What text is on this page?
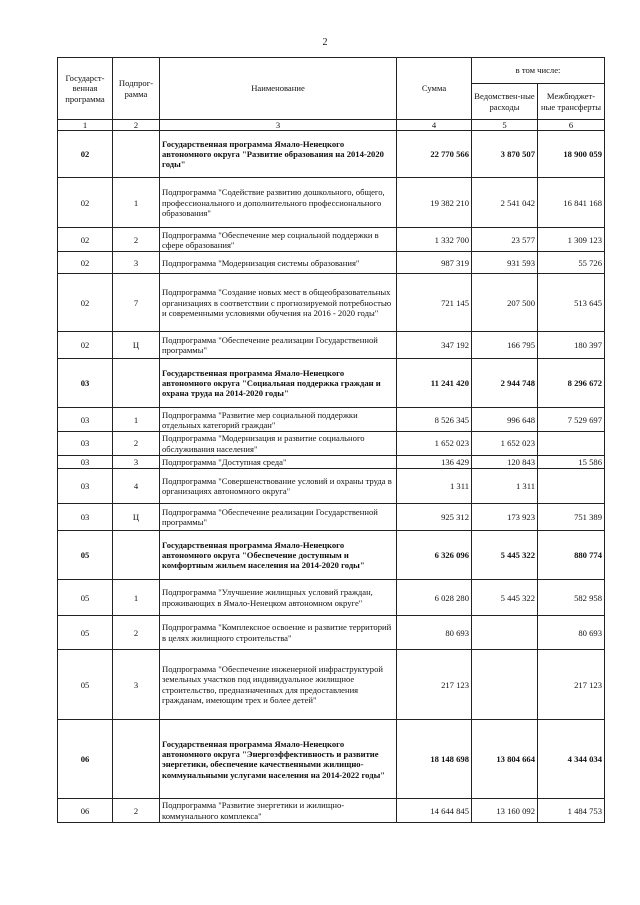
2
Государст-венная программа	Подпрог-рамма	Наименование	Сумма	в том числе:	
				Ведомствен-ные расходы	Межбюджет-ные трансферты
1	2	3	4	5	6
02		Государственная программа Ямало-Ненецкого автономного округа "Развитие образования на 2014-2020 годы"	22 770 566	3 870 507	18 900 059
02	1	Подпрограмма "Содействие развитию дошкольного, общего, профессионального и дополнительного профессионального образования"	19 382 210	2 541 042	16 841 168
02	2	Подпрограмма "Обеспечение мер социальной поддержки в сфере образования"	1 332 700	23 577	1 309 123
02	3	Подпрограмма "Модернизация системы образования"	987 319	931 593	55 726
02	7	Подпрограмма "Создание новых мест в общеобразовательных организациях в соответствии с прогнозируемой потребностью и современными условиями обучения на 2016 - 2020 годы"	721 145	207 500	513 645
02	Ц	Подпрограмма "Обеспечение реализации Государственной программы"	347 192	166 795	180 397
03		Государственная программа Ямало-Ненецкого автономного округа "Социальная поддержка граждан и охрана труда на 2014-2020 годы"	11 241 420	2 944 748	8 296 672
03	1	Подпрограмма "Развитие мер социальной поддержки отдельных категорий граждан"	8 526 345	996 648	7 529 697
03	2	Подпрограмма "Модернизация и развитие социального обслуживания населения"	1 652 023	1 652 023	
03	3	Подпрограмма "Доступная среда"	136 429	120 843	15 586
03	4	Подпрограмма "Совершенствование условий и охраны труда в организациях автономного округа"	1 311	1 311	
03	Ц	Подпрограмма "Обеспечение реализации Государственной программы"	925 312	173 923	751 389
05		Государственная программа Ямало-Ненецкого автономного округа "Обеспечение доступным и комфортным жильем населения на 2014-2020 годы"	6 326 096	5 445 322	880 774
05	1	Подпрограмма "Улучшение жилищных условий граждан, проживающих в Ямало-Ненецком автономном округе"	6 028 280	5 445 322	582 958
05	2	Подпрограмма "Комплексное освоение и развитие территорий в целях жилищного строительства"	80 693		80 693
05	3	Подпрограмма "Обеспечение инженерной инфраструктурой земельных участков под индивидуальное жилищное строительство, предназначенных для предоставления гражданам, имеющим трех и более детей"	217 123		217 123
06		Государственная программа Ямало-Ненецкого автономного округа "Энергоэффективность и развитие энергетики, обеспечение качественными жилищно-коммунальными услугами населения на 2014-2022 годы"	18 148 698	13 804 664	4 344 034
06	2	Подпрограмма "Развитие энергетики и жилищно-коммунального комплекса"	14 644 845	13 160 092	1 484 753
